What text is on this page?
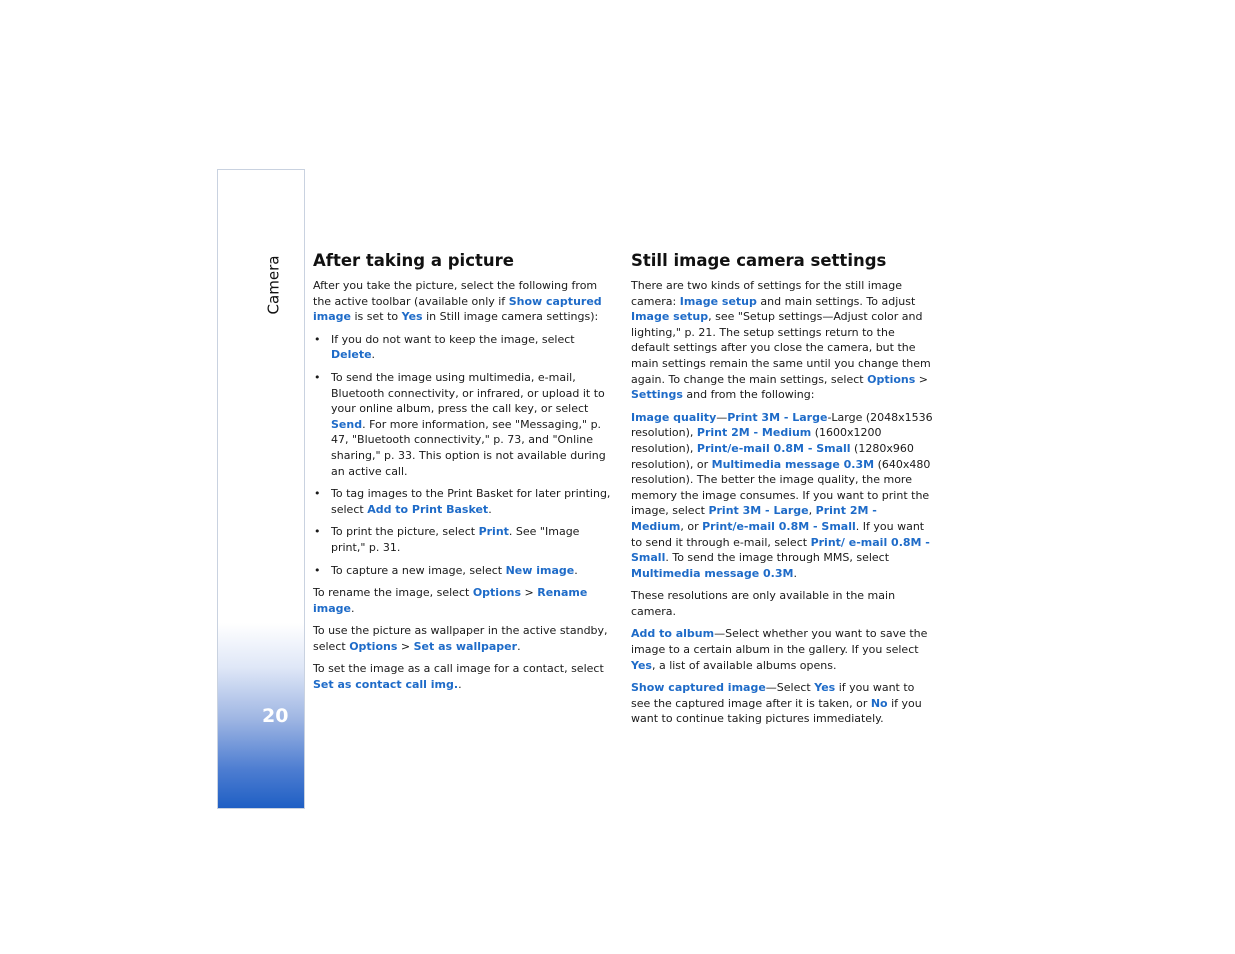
Camera
20
After taking a picture

After you take the picture, select the following from the active toolbar (available only if Show captured image is set to Yes in Still image camera settings):

• If you do not want to keep the image, select Delete.
• To send the image using multimedia, e-mail, Bluetooth connectivity, or infrared, or upload it to your online album, press the call key, or select Send. For more information, see "Messaging," p. 47, "Bluetooth connectivity," p. 73, and "Online sharing," p. 33. This option is not available during an active call.
• To tag images to the Print Basket for later printing, select Add to Print Basket.
• To print the picture, select Print. See "Image print," p. 31.
• To capture a new image, select New image.

To rename the image, select Options > Rename image.

To use the picture as wallpaper in the active standby, select Options > Set as wallpaper.

To set the image as a call image for a contact, select Set as contact call img..

Still image camera settings

There are two kinds of settings for the still image camera: Image setup and main settings. To adjust Image setup, see "Setup settings—Adjust color and lighting," p. 21. The setup settings return to the default settings after you close the camera, but the main settings remain the same until you change them again. To change the main settings, select Options > Settings and from the following:

Image quality—Print 3M - Large-Large (2048x1536 resolution), Print 2M - Medium (1600x1200 resolution), Print/e-mail 0.8M - Small (1280x960 resolution), or Multimedia message 0.3M (640x480 resolution). The better the image quality, the more memory the image consumes. If you want to print the image, select Print 3M - Large, Print 2M - Medium, or Print/e-mail 0.8M - Small. If you want to send it through e-mail, select Print/ e-mail 0.8M - Small. To send the image through MMS, select Multimedia message 0.3M.

These resolutions are only available in the main camera.

Add to album—Select whether you want to save the image to a certain album in the gallery. If you select Yes, a list of available albums opens.

Show captured image—Select Yes if you want to see the captured image after it is taken, or No if you want to continue taking pictures immediately.
